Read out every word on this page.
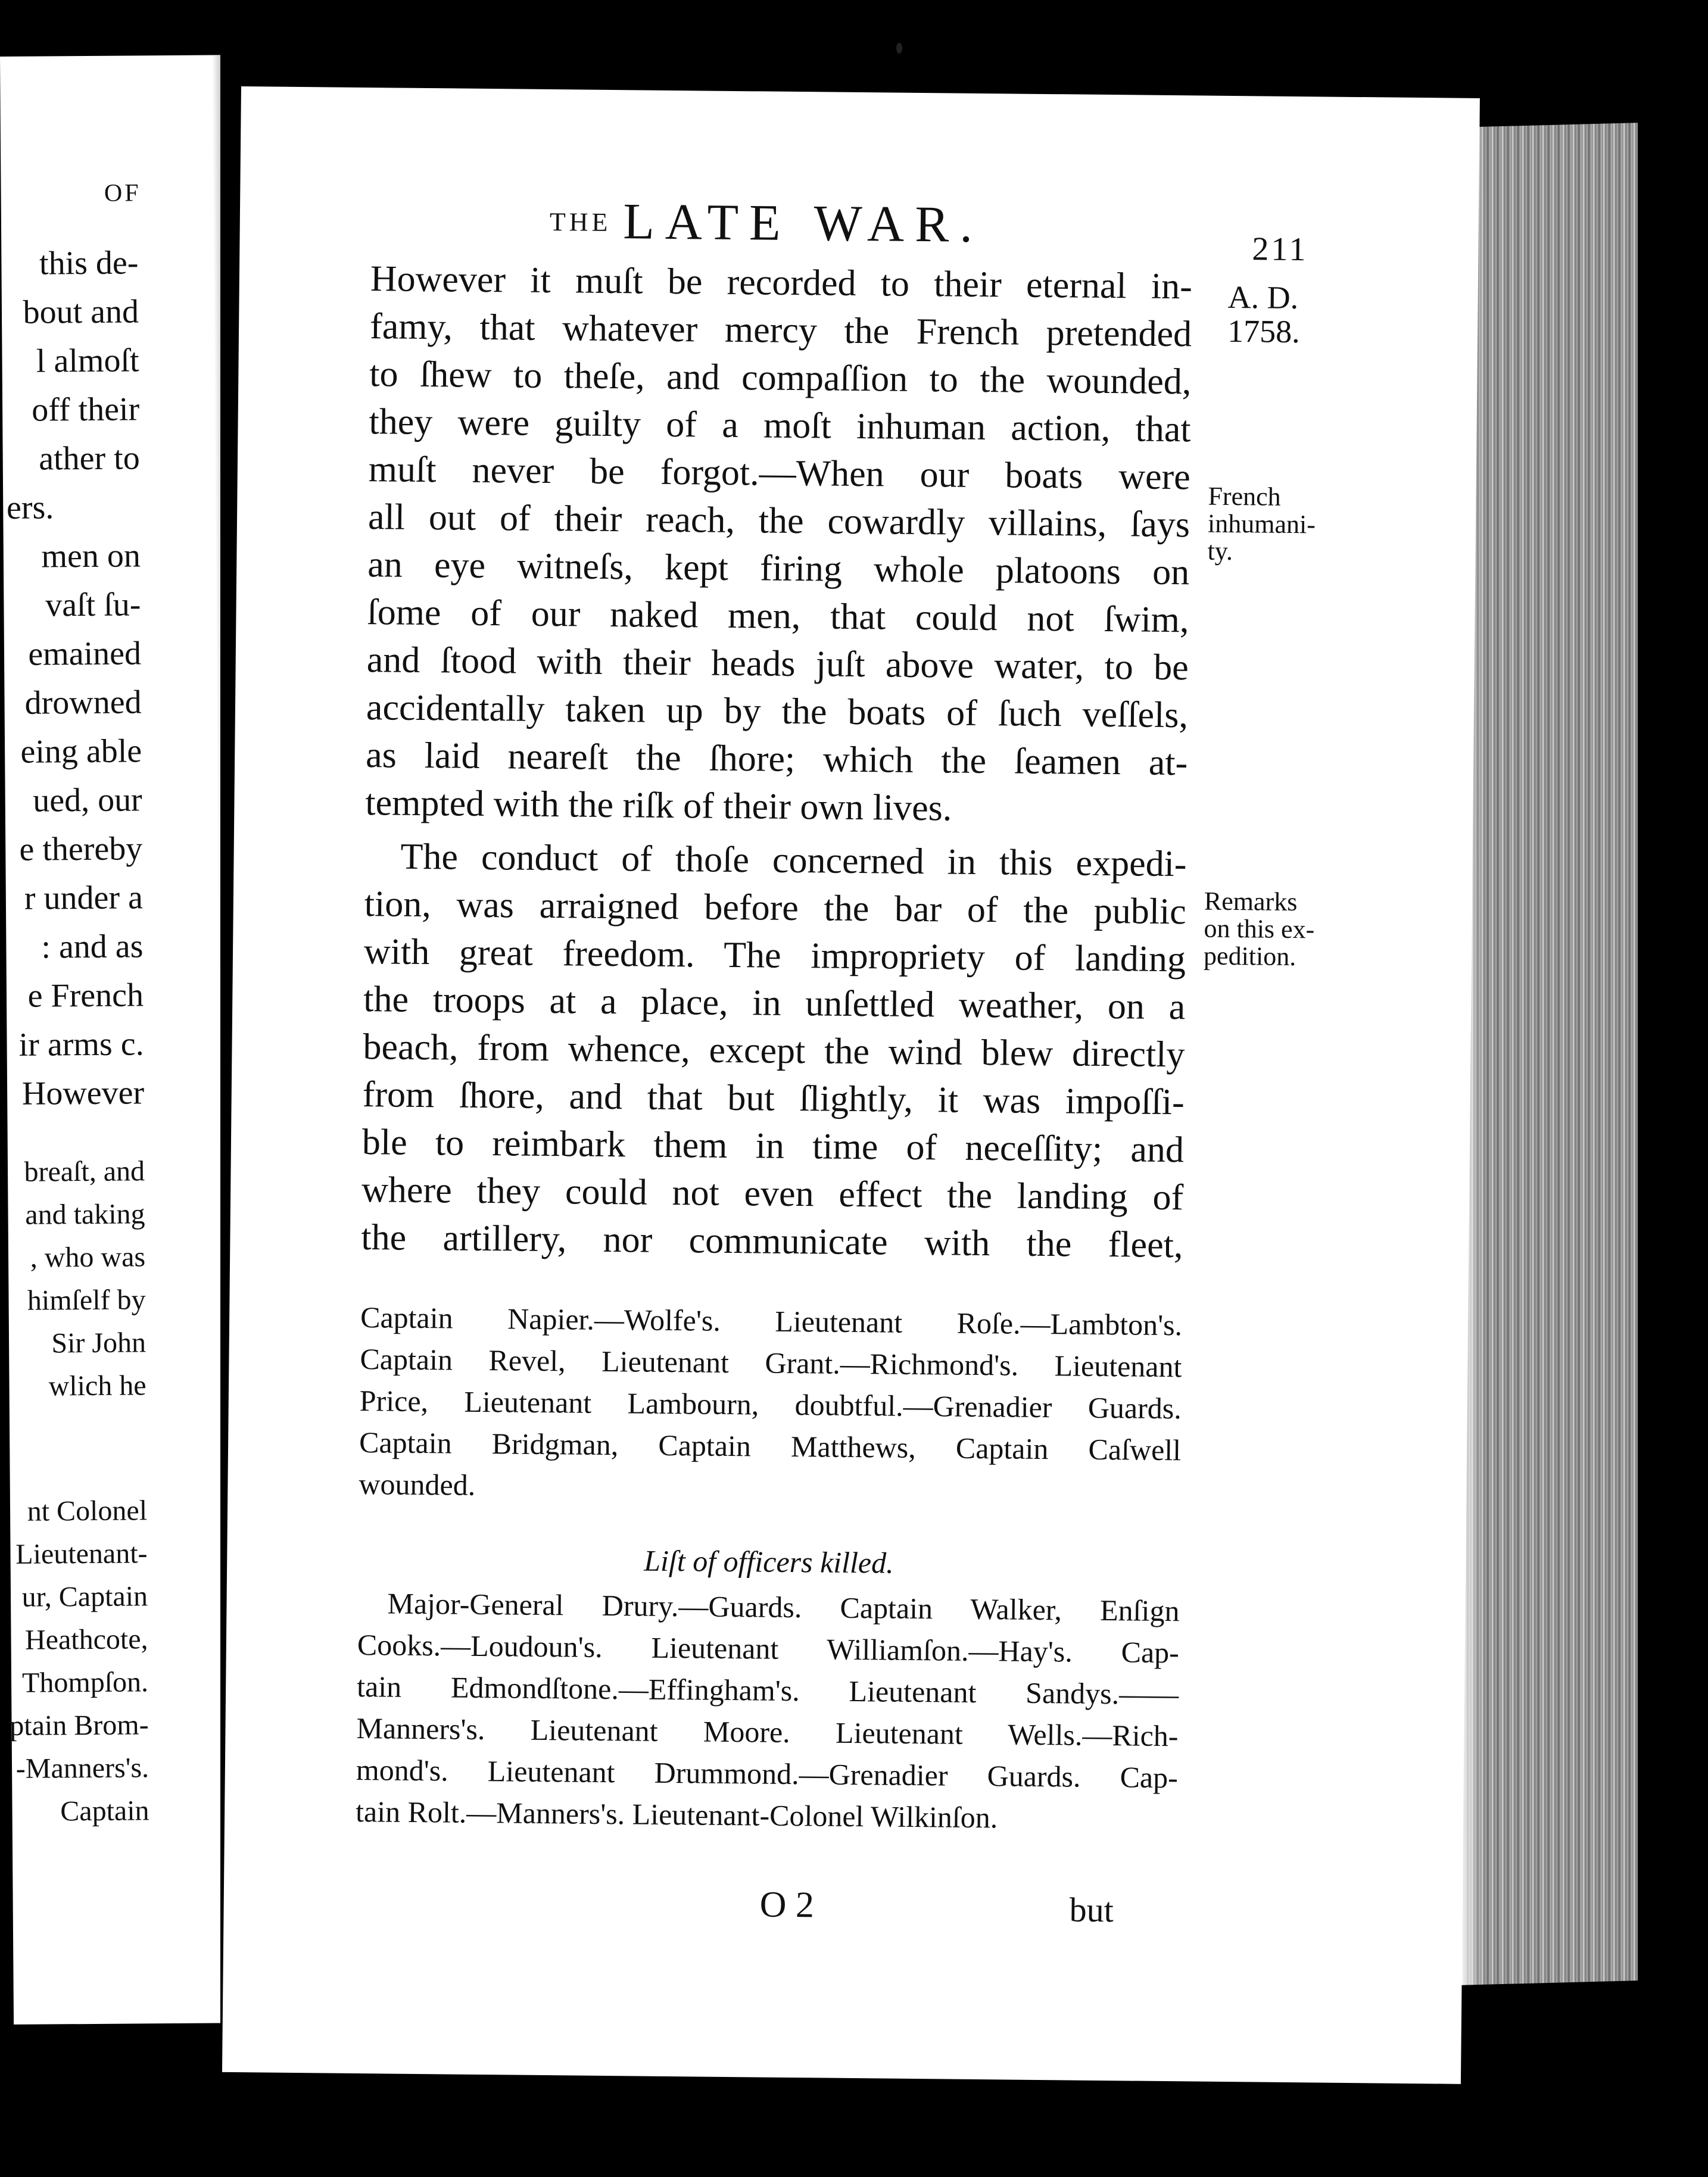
OF
this de-
bout and
l almoſt
off their
ather to
ers.
men on
vaſt ſu-
emained
drowned
eing able
ued, our
e thereby
r under a
: and as
e French
ir arms c.
However
breaſt, and
and taking
, who was
himſelf by
Sir John
wlich he
nt Colonel
Lieutenant-
ur, Captain
Heathcote,
Thompſon.
ptain Brom-
-Manners's.
Captain
THE LATE WAR.	211
A. D.
1758.
French
inhumani-
ty.
Remarks
on this ex-
pedition.
However it muſt be recorded to their eternal in-
famy, that whatever mercy the French pretended
to ſhew to theſe, and compaſſion to the wounded,
they were guilty of a moſt inhuman action, that
muſt never be forgot.—When our boats were
all out of their reach, the cowardly villains, ſays
an eye witneſs, kept firing whole platoons on
ſome of our naked men, that could not ſwim,
and ſtood with their heads juſt above water, to be
accidentally taken up by the boats of ſuch veſſels,
as laid neareſt the ſhore; which the ſeamen at-
tempted with the riſk of their own lives.
The conduct of thoſe concerned in this expedi-
tion, was arraigned before the bar of the public
with great freedom. The impropriety of landing
the troops at a place, in unſettled weather, on a
beach, from whence, except the wind blew directly
from ſhore, and that but ſlightly, it was impoſſi-
ble to reimbark them in time of neceſſity; and
where they could not even effect the landing of
the artillery, nor communicate with the fleet,
Captain Napier.—Wolfe's. Lieutenant Roſe.—Lambton's.
Captain Revel, Lieutenant Grant.—Richmond's. Lieutenant
Price, Lieutenant Lambourn, doubtful.—Grenadier Guards.
Captain Bridgman, Captain Matthews, Captain Caſwell
wounded.
Liſt of officers killed.
Major-General Drury.—Guards. Captain Walker, Enſign
Cooks.—Loudoun's. Lieutenant Williamſon.—Hay's. Cap-
tain Edmondſtone.—Effingham's. Lieutenant Sandys.——
Manners's. Lieutenant Moore. Lieutenant Wells.—Rich-
mond's. Lieutenant Drummond.—Grenadier Guards. Cap-
tain Rolt.—Manners's. Lieutenant-Colonel Wilkinſon.
O 2	but
